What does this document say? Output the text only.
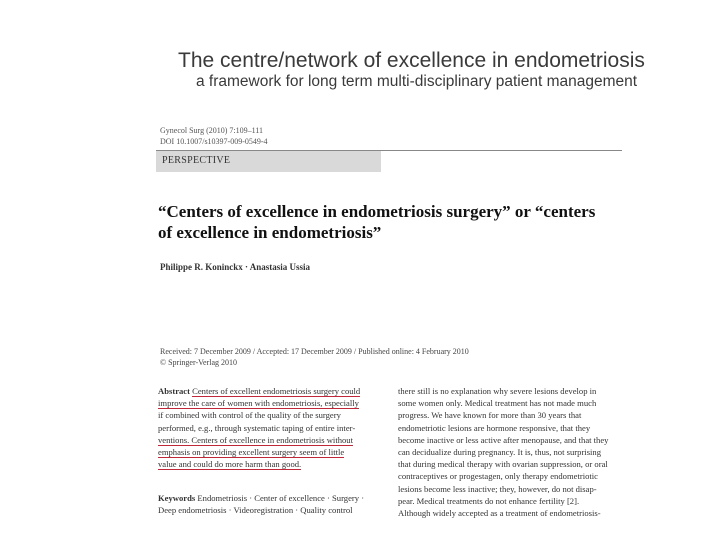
The centre/network of excellence in endometriosis
a framework for long term multi-disciplinary patient management
Gynecol Surg (2010) 7:109–111
DOI 10.1007/s10397-009-0549-4
PERSPECTIVE
“Centers of excellence in endometriosis surgery” or “centers
of excellence in endometriosis”
Philippe R. Koninckx · Anastasia Ussia
Received: 7 December 2009 / Accepted: 17 December 2009 / Published online: 4 February 2010
© Springer-Verlag 2010
Abstract Centers of excellent endometriosis surgery could
improve the care of women with endometriosis, especially
if combined with control of the quality of the surgery
performed, e.g., through systematic taping of entire inter-
ventions. Centers of excellence in endometriosis without
emphasis on providing excellent surgery seem of little
value and could do more harm than good.
Keywords Endometriosis · Center of excellence · Surgery ·
Deep endometriosis · Videoregistration · Quality control
there still is no explanation why severe lesions develop in
some women only. Medical treatment has not made much
progress. We have known for more than 30 years that
endometriotic lesions are hormone responsive, that they
become inactive or less active after menopause, and that they
can decidualize during pregnancy. It is, thus, not surprising
that during medical therapy with ovarian suppression, or oral
contraceptives or progestagen, only therapy endometriotic
lesions become less inactive; they, however, do not disap-
pear. Medical treatments do not enhance fertility [2].
Although widely accepted as a treatment of endometriosis-
